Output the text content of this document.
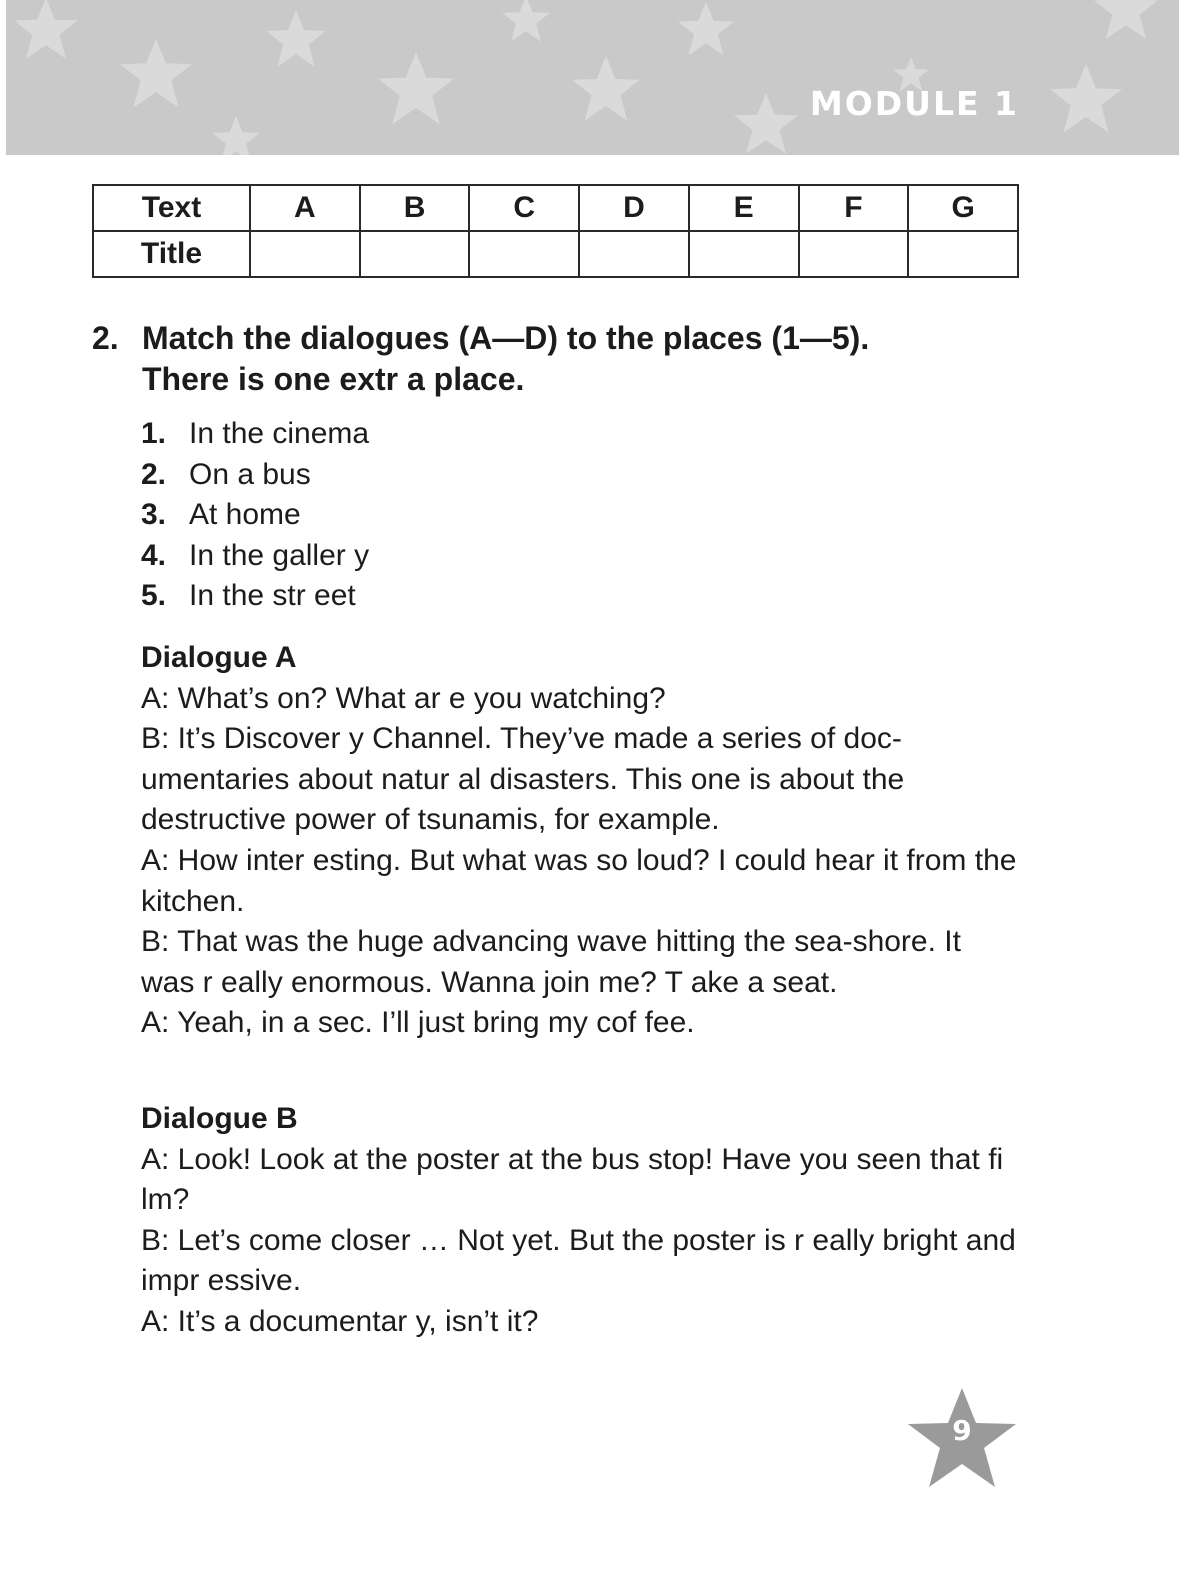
MODULE 1
Text	A	B	C	D	E	F	G
Title							
2. Match the dialogues (A—D) to the places (1—5).
There is one extr a place.
1. In the cinema
2. On a bus
3. At home
4. In the galler y
5. In the str eet
Dialogue A

A: What’s on? What ar e you watching?

B: It’s Discover y Channel. They’ve made a series of doc-umentaries about natur al disasters. This one is about the destructive power of tsunamis, for example.

A: How inter esting. But what was so loud? I could hear it from the kitchen.

B: That was the huge advancing wave hitting the sea-shore. It was r eally enormous. Wanna join me? T ake a seat.

A: Yeah, in a sec. I’ll just bring my cof fee.

Dialogue B

A: Look! Look at the poster at the bus stop! Have you seen that fi lm?

B: Let’s come closer … Not yet. But the poster is r eally bright and impr essive.

A: It’s a documentar y, isn’t it?

9
